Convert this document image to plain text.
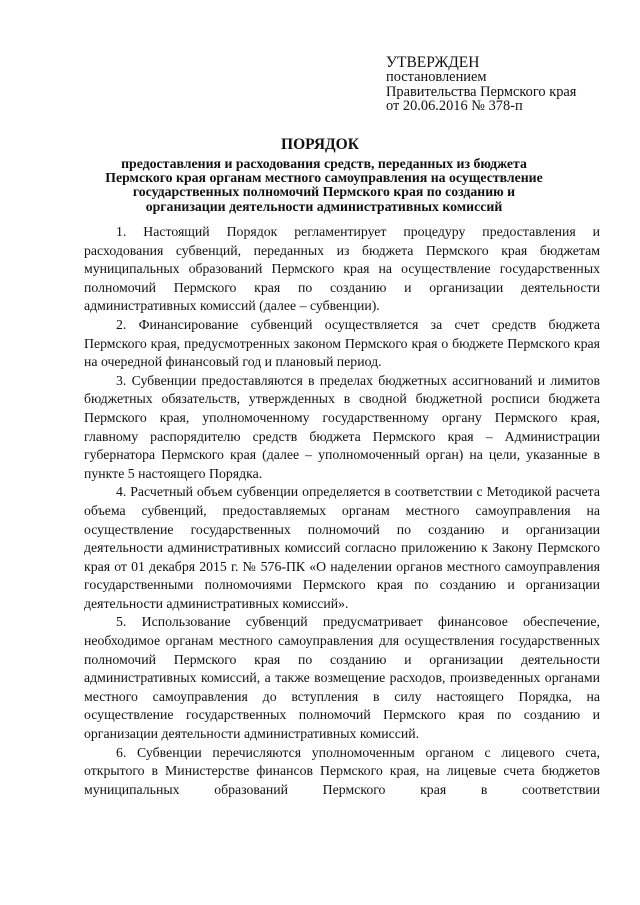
УТВЕРЖДЕН
постановлением
Правительства Пермского края
от 20.06.2016 № 378-п
ПОРЯДОК
предоставления и расходования средств, переданных из бюджета Пермского края органам местного самоуправления на осуществление государственных полномочий Пермского края по созданию и организации деятельности административных комиссий

1. Настоящий Порядок регламентирует процедуру предоставления и расходования субвенций, переданных из бюджета Пермского края бюджетам муниципальных образований Пермского края на осуществление государственных полномочий Пермского края по созданию и организации деятельности административных комиссий (далее – субвенции).

2. Финансирование субвенций осуществляется за счет средств бюджета Пермского края, предусмотренных законом Пермского края о бюджете Пермского края на очередной финансовый год и плановый период.

3. Субвенции предоставляются в пределах бюджетных ассигнований и лимитов бюджетных обязательств, утвержденных в сводной бюджетной росписи бюджета Пермского края, уполномоченному государственному органу Пермского края, главному распорядителю средств бюджета Пермского края – Администрации губернатора Пермского края (далее – уполномоченный орган) на цели, указанные в пункте 5 настоящего Порядка.

4. Расчетный объем субвенции определяется в соответствии с Методикой расчета объема субвенций, предоставляемых органам местного самоуправления на осуществление государственных полномочий по созданию и организации деятельности административных комиссий согласно приложению к Закону Пермского края от 01 декабря 2015 г. № 576-ПК «О наделении органов местного самоуправления государственными полномочиями Пермского края по созданию и организации деятельности административных комиссий».

5. Использование субвенций предусматривает финансовое обеспечение, необходимое органам местного самоуправления для осуществления государственных полномочий Пермского края по созданию и организации деятельности административных комиссий, а также возмещение расходов, произведенных органами местного самоуправления до вступления в силу настоящего Порядка, на осуществление государственных полномочий Пермского края по созданию и организации деятельности административных комиссий.

6. Субвенции перечисляются уполномоченным органом с лицевого счета, открытого в Министерстве финансов Пермского края, на лицевые счета бюджетов муниципальных образований Пермского края в соответствии
